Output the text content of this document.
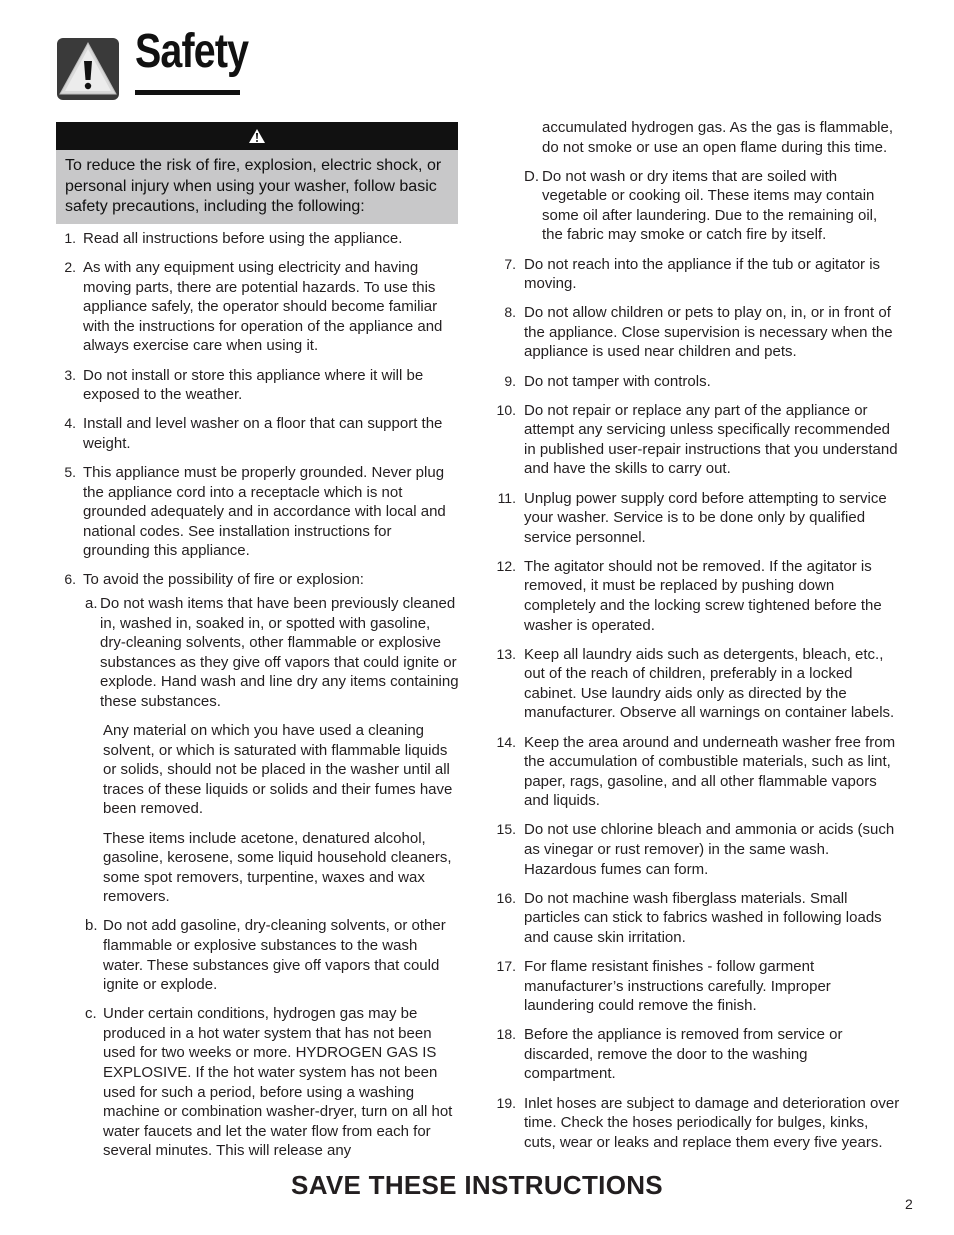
Safety
To reduce the risk of fire, explosion, electric shock, or personal injury when using your washer, follow basic safety precautions, including the following:
1. Read all instructions before using the appliance.
2. As with any equipment using electricity and having moving parts, there are potential hazards. To use this appliance safely, the operator should become familiar with the instructions for operation of the appliance and always exercise care when using it.
3. Do not install or store this appliance where it will be exposed to the weather.
4. Install and level washer on a floor that can support the weight.
5. This appliance must be properly grounded. Never plug the appliance cord into a receptacle which is not grounded adequately and in accordance with local and national codes. See installation instructions for grounding this appliance.
6. To avoid the possibility of fire or explosion:
a. Do not wash items that have been previously cleaned in, washed in, soaked in, or spotted with gasoline, dry-cleaning solvents, other flammable or explosive substances as they give off vapors that could ignite or explode. Hand wash and line dry any items containing these substances.
Any material on which you have used a cleaning solvent, or which is saturated with flammable liquids or solids, should not be placed in the washer until all traces of these liquids or solids and their fumes have been removed.
These items include acetone, denatured alcohol, gasoline, kerosene, some liquid household cleaners, some spot removers, turpentine, waxes and wax removers.
b. Do not add gasoline, dry-cleaning solvents, or other flammable or explosive substances to the wash water. These substances give off vapors that could ignite or explode.
c. Under certain conditions, hydrogen gas may be produced in a hot water system that has not been used for two weeks or more. HYDROGEN GAS IS EXPLOSIVE. If the hot water system has not been used for such a period, before using a washing machine or combination washer-dryer, turn on all hot water faucets and let the water flow from each for several minutes. This will release any
accumulated hydrogen gas. As the gas is flammable, do not smoke or use an open flame during this time.
D. Do not wash or dry items that are soiled with vegetable or cooking oil. These items may contain some oil after laundering. Due to the remaining oil, the fabric may smoke or catch fire by itself.
7. Do not reach into the appliance if the tub or agitator is moving.
8. Do not allow children or pets to play on, in, or in front of the appliance. Close supervision is necessary when the appliance is used near children and pets.
9. Do not tamper with controls.
10. Do not repair or replace any part of the appliance or attempt any servicing unless specifically recommended in published user-repair instructions that you understand and have the skills to carry out.
11. Unplug power supply cord before attempting to service your washer. Service is to be done only by qualified service personnel.
12. The agitator should not be removed. If the agitator is removed, it must be replaced by pushing down completely and the locking screw tightened before the washer is operated.
13. Keep all laundry aids such as detergents, bleach, etc., out of the reach of children, preferably in a locked cabinet. Use laundry aids only as directed by the manufacturer. Observe all warnings on container labels.
14. Keep the area around and underneath washer free from the accumulation of combustible materials, such as lint, paper, rags, gasoline, and all other flammable vapors and liquids.
15. Do not use chlorine bleach and ammonia or acids (such as vinegar or rust remover) in the same wash. Hazardous fumes can form.
16. Do not machine wash fiberglass materials. Small particles can stick to fabrics washed in following loads and cause skin irritation.
17. For flame resistant finishes - follow garment manufacturer’s instructions carefully. Improper laundering could remove the finish.
18. Before the appliance is removed from service or discarded, remove the door to the washing compartment.
19. Inlet hoses are subject to damage and deterioration over time. Check the hoses periodically for bulges, kinks, cuts, wear or leaks and replace them every five years.
SAVE THESE INSTRUCTIONS
2
